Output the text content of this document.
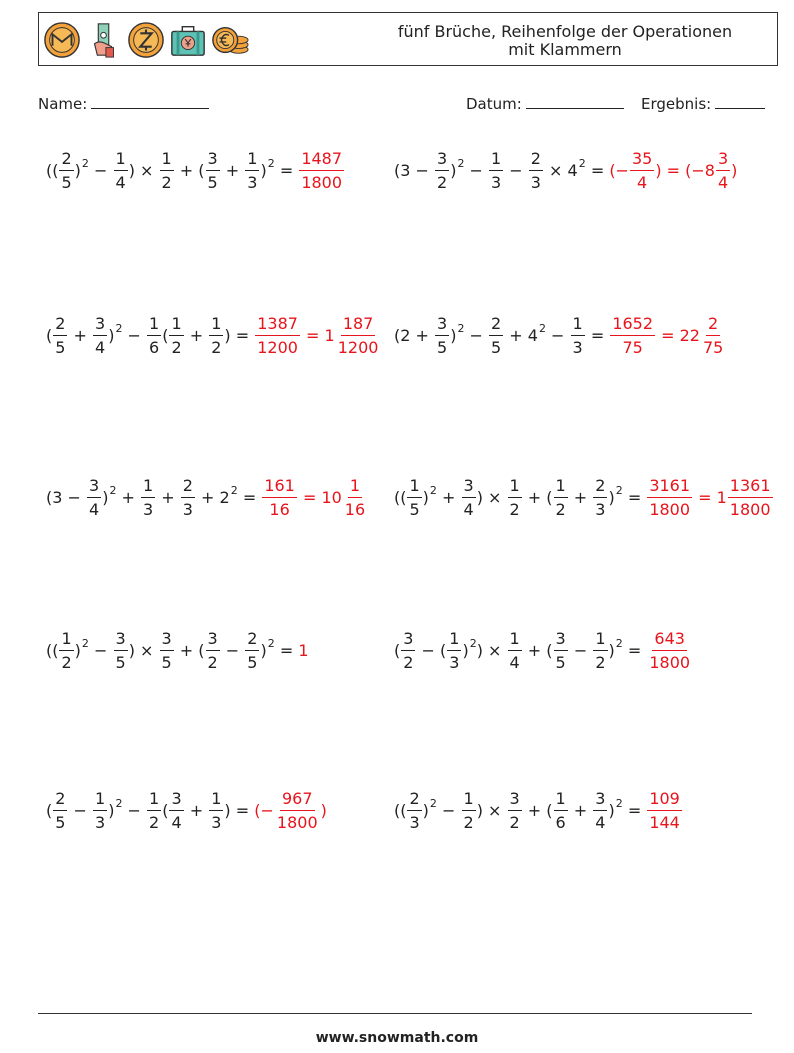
fünf Brüche, Reihenfolge der Operationen
mit Klammern
Name:	Datum:	Ergebnis:
(( $\frac{2}{5} )^2 - \frac{1}{4}$ ) × $\frac{1}{2}$ + ( $\frac{3}{5} + \frac{1}{3} )^2 = \frac{1487}{1800}$	$(3 - \frac{3}{2} )^2 - \frac{1}{3} - \frac{2}{3} \times 4^2$ = (− $\frac{35}{4}$ ) = ($-8 \frac{3}{4}$ )
( $\frac{2}{5} + \frac{3}{4} )^2 - \frac{1}{6}$ ( $\frac{1}{2} + \frac{1}{2}$ ) = $\frac{1387}{1200} = 1 \frac{187}{1200} (2 + \frac{3}{5} )^2 - \frac{2}{5} + 4^2 - \frac{1}{3} = \frac{1652}{75} = 22 \frac{2}{75}$
$(3 - \frac{3}{4} )^2 + \frac{1}{3} + \frac{2}{3} + 2^2 = \frac{161}{16} = 10 \frac{1}{16}$ (( $\frac{1}{5} )^2 + \frac{3}{4}$ ) × $\frac{1}{2}$ + ( $\frac{1}{2} + \frac{2}{3} )^2 = \frac{3161}{1800} = 1 \frac{1361}{1800}$
(( $\frac{1}{2} )^2 - \frac{3}{5}$ ) × $\frac{3}{5}$ + ( $\frac{3}{2} - \frac{2}{5} )^2 = 1$	( $\frac{3}{2}$ − ( $\frac{1}{3} )^2$ ) × $\frac{1}{4}$ + ( $\frac{3}{5} - \frac{1}{2} )^2 = \frac{643}{1800}$
( $\frac{2}{5} - \frac{1}{3} )^2 - \frac{1}{2}$ ( $\frac{3}{4} + \frac{1}{3}$ ) = (− $\frac{967}{1800}$ )	(( $\frac{2}{3} )^2 - \frac{1}{2}$ ) × $\frac{3}{2}$ + ( $\frac{1}{6} + \frac{3}{4} )^2 = \frac{109}{144}$
www.snowmath.com
